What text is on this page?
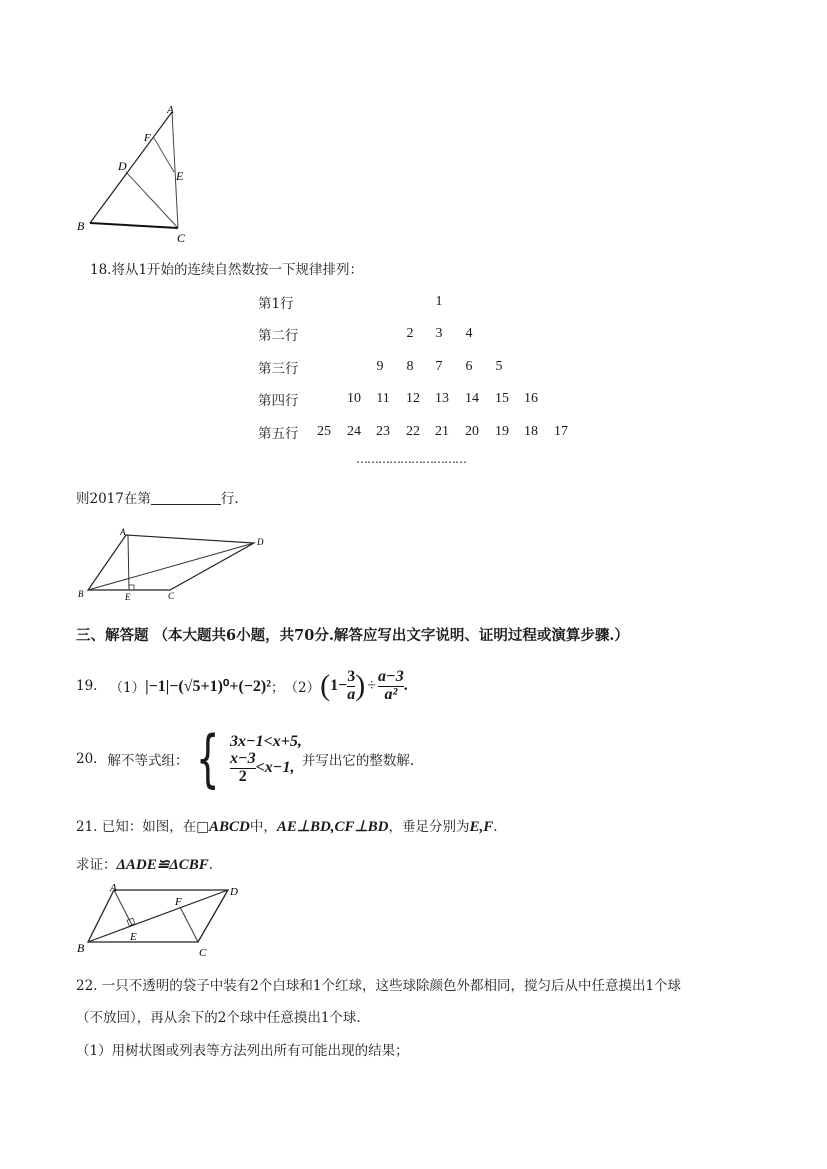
A
F
D
E
B
C
18.将从1开始的连续自然数按一下规律排列：
第1行	1
第二行	2	3	4
第三行	9	8	7	6	5
第四行	10	11	12	13	14	15	16
第五行	25	24	23	22	21	20	19	18	17
…………………………
则2017在第	行.
A
D
B	E	C
三、解答题 （本大题共6小题，共70分.解答应写出文字说明、证明过程或演算步骤.）
19. （1） |−1|−(√5+1)⁰+(−2)² ； （2） ( $1- \frac{3}{a}$ ) ÷ $\frac{a-3}{\text{a²}}$ .
20. 解不等式组： { 3x−1<x+5,
$\frac{x-3}{2} <x-1$, 并写出它的整数解.
21. 已知：如图，在□ABCD中，AE⊥BD,CF⊥BD，垂足分别为E,F.
求证：ΔADE≌ΔCBF.
A	D
F
E
B	C
22. 一只不透明的袋子中装有2个白球和1个红球，这些球除颜色外都相同，搅匀后从中任意摸出1个球
（不放回），再从余下的2个球中任意摸出1个球.
（1）用树状图或列表等方法列出所有可能出现的结果；
